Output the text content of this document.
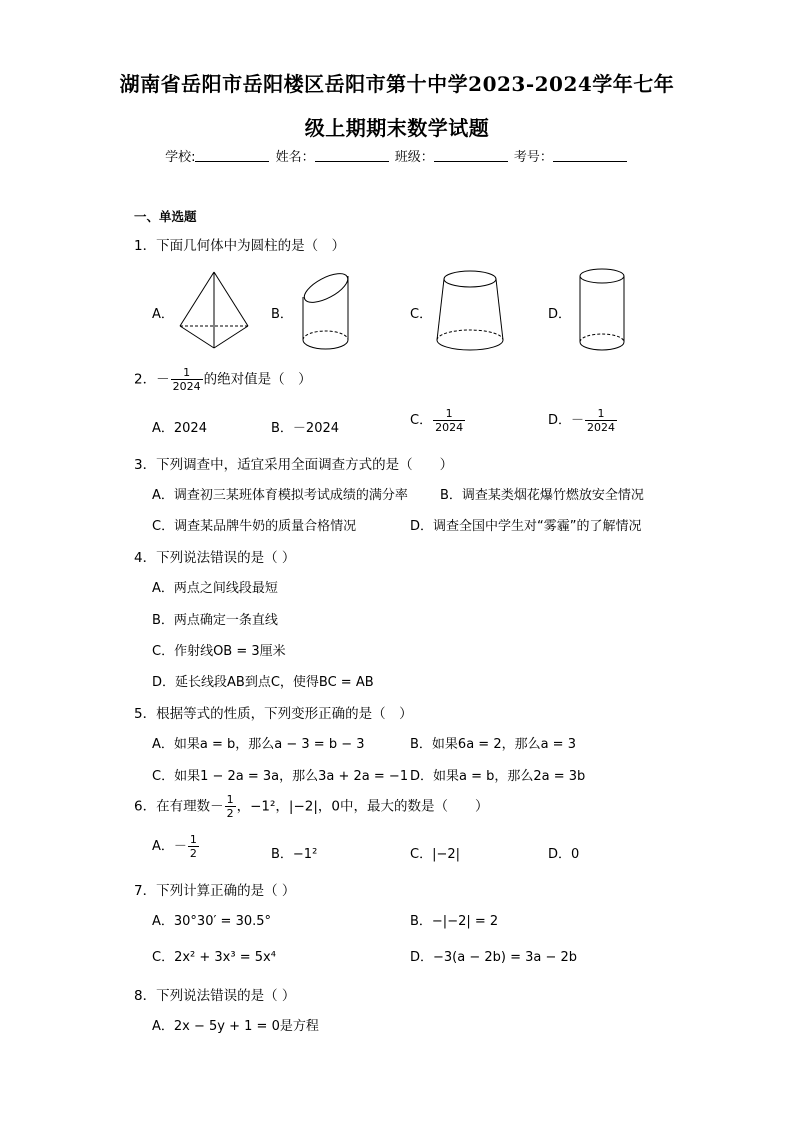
湖南省岳阳市岳阳楼区岳阳市第十中学2023-2024学年七年
级上期期末数学试题
学校:	姓名：	班级：	考号：
一、单选题
1．下面几何体中为圆柱的是（　）
A．	B．	C．	D．
2．－ $\frac{1}{2024}$ 的绝对值是（　）
A．2024	B．－2024
C． $\frac{1}{2024}$	D．－ $\frac{1}{2024}$
3．下列调查中，适宜采用全面调查方式的是（　　）
A．调查初三某班体育模拟考试成绩的满分率 B．调查某类烟花爆竹燃放安全情况
C．调查某品牌牛奶的质量合格情况	D．调查全国中学生对“雾霾”的了解情况
4．下列说法错误的是（ ）
A．两点之间线段最短
B．两点确定一条直线
C．作射线OB = 3厘米
D．延长线段AB到点C，使得BC = AB
5．根据等式的性质，下列变形正确的是（　）
A．如果a = b，那么a − 3 = b − 3	B．如果6a = 2，那么a = 3
C．如果1 − 2a = 3a，那么3a + 2a = −1 D．如果a = b，那么2a = 3b
6．在有理数－ $\frac{1}{2}$ ，−1²，|−2|，0中，最大的数是（　　）
A．－ $\frac{1}{2}$	B．−1²	C．|−2|	D．0
7．下列计算正确的是（ ）
A．30°30′ = 30.5°	B．−|−2| = 2
C．2x² + 3x³ = 5x⁴	D．−3(a − 2b) = 3a − 2b
8．下列说法错误的是（ ）
A．2x − 5y + 1 = 0是方程
